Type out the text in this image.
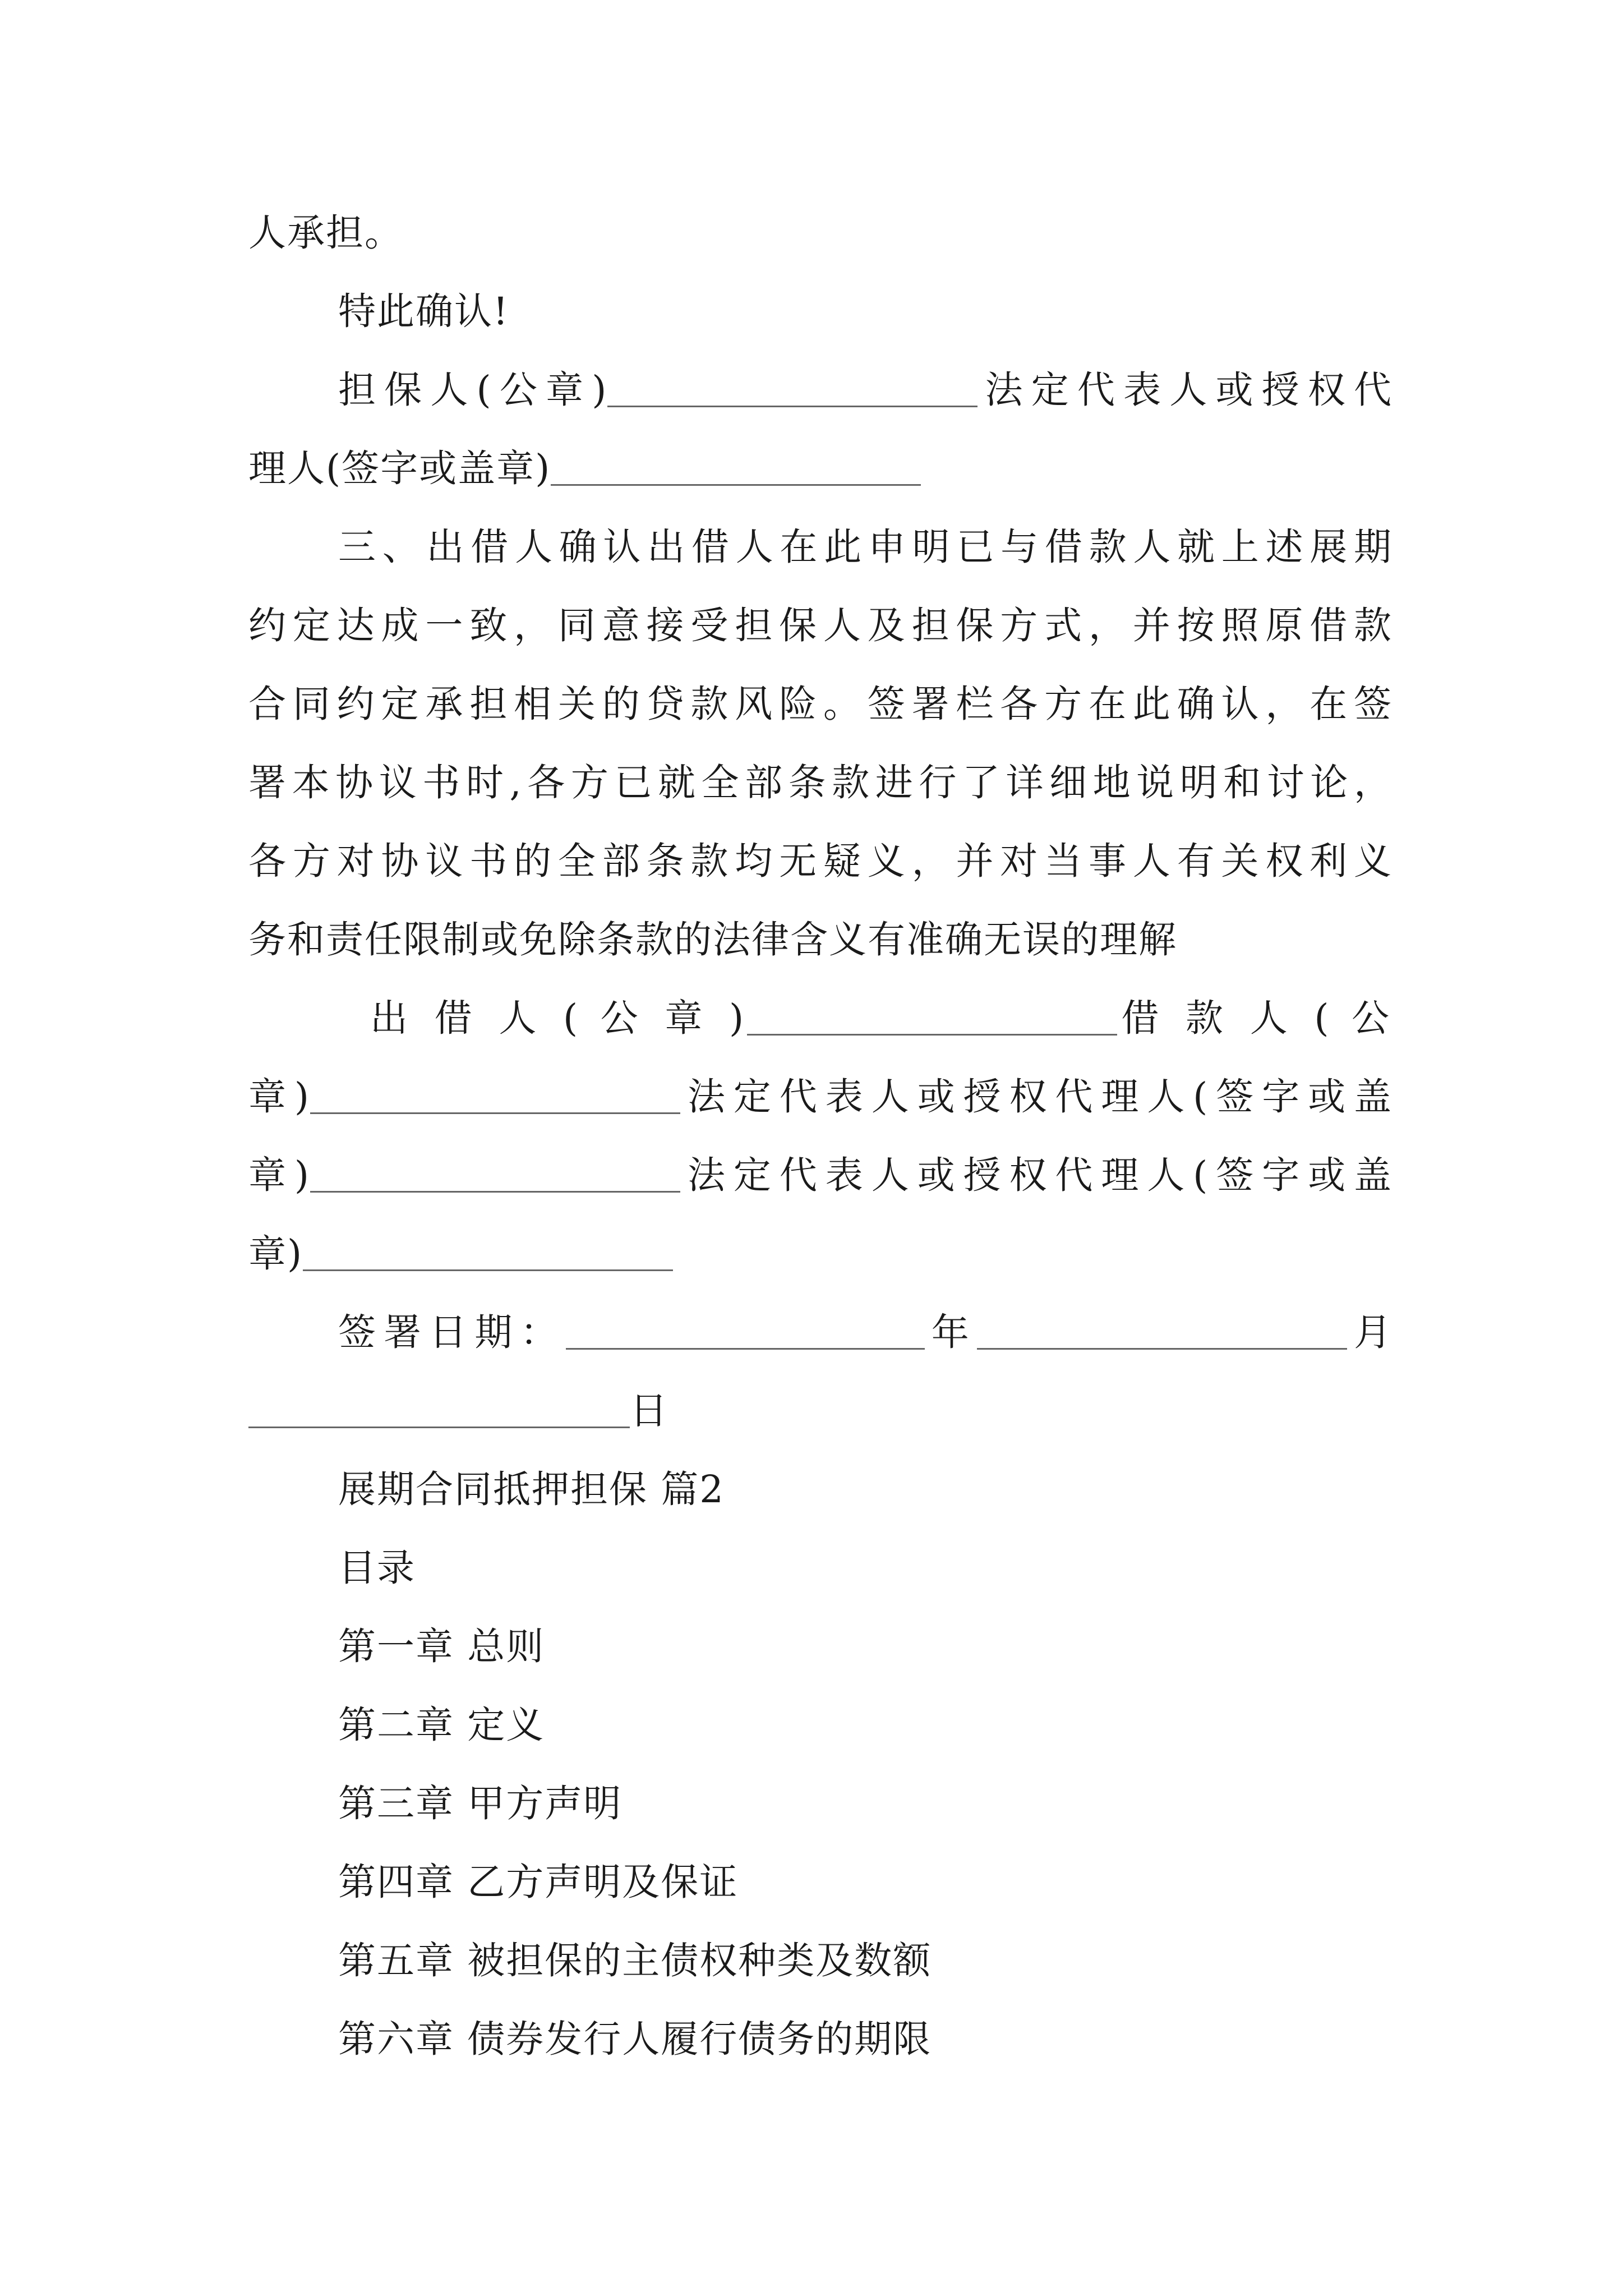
人承担。
特此确认!
担保人(公章)	法定代表人或授权代
理人(签字或盖章)
三、出借人确认出借人在此申明已与借款人就上述展期
约定达成一致，同意接受担保人及担保方式，并按照原借款
合同约定承担相关的贷款风险。签署栏各方在此确认，在签
署本协议书时,各方已就全部条款进行了详细地说明和讨论，
各方对协议书的全部条款均无疑义，并对当事人有关权利义
务和责任限制或免除条款的法律含义有准确无误的理解
出 借 人 ( 公 章 )	借 款 人 ( 公
章)	法定代表人或授权代理人(签字或盖
章)	法定代表人或授权代理人(签字或盖
章)
签署日期：	年	月
日
展期合同抵押担保 篇2
目录
第一章 总则
第二章 定义
第三章 甲方声明
第四章 乙方声明及保证
第五章 被担保的主债权种类及数额
第六章 债券发行人履行债务的期限
